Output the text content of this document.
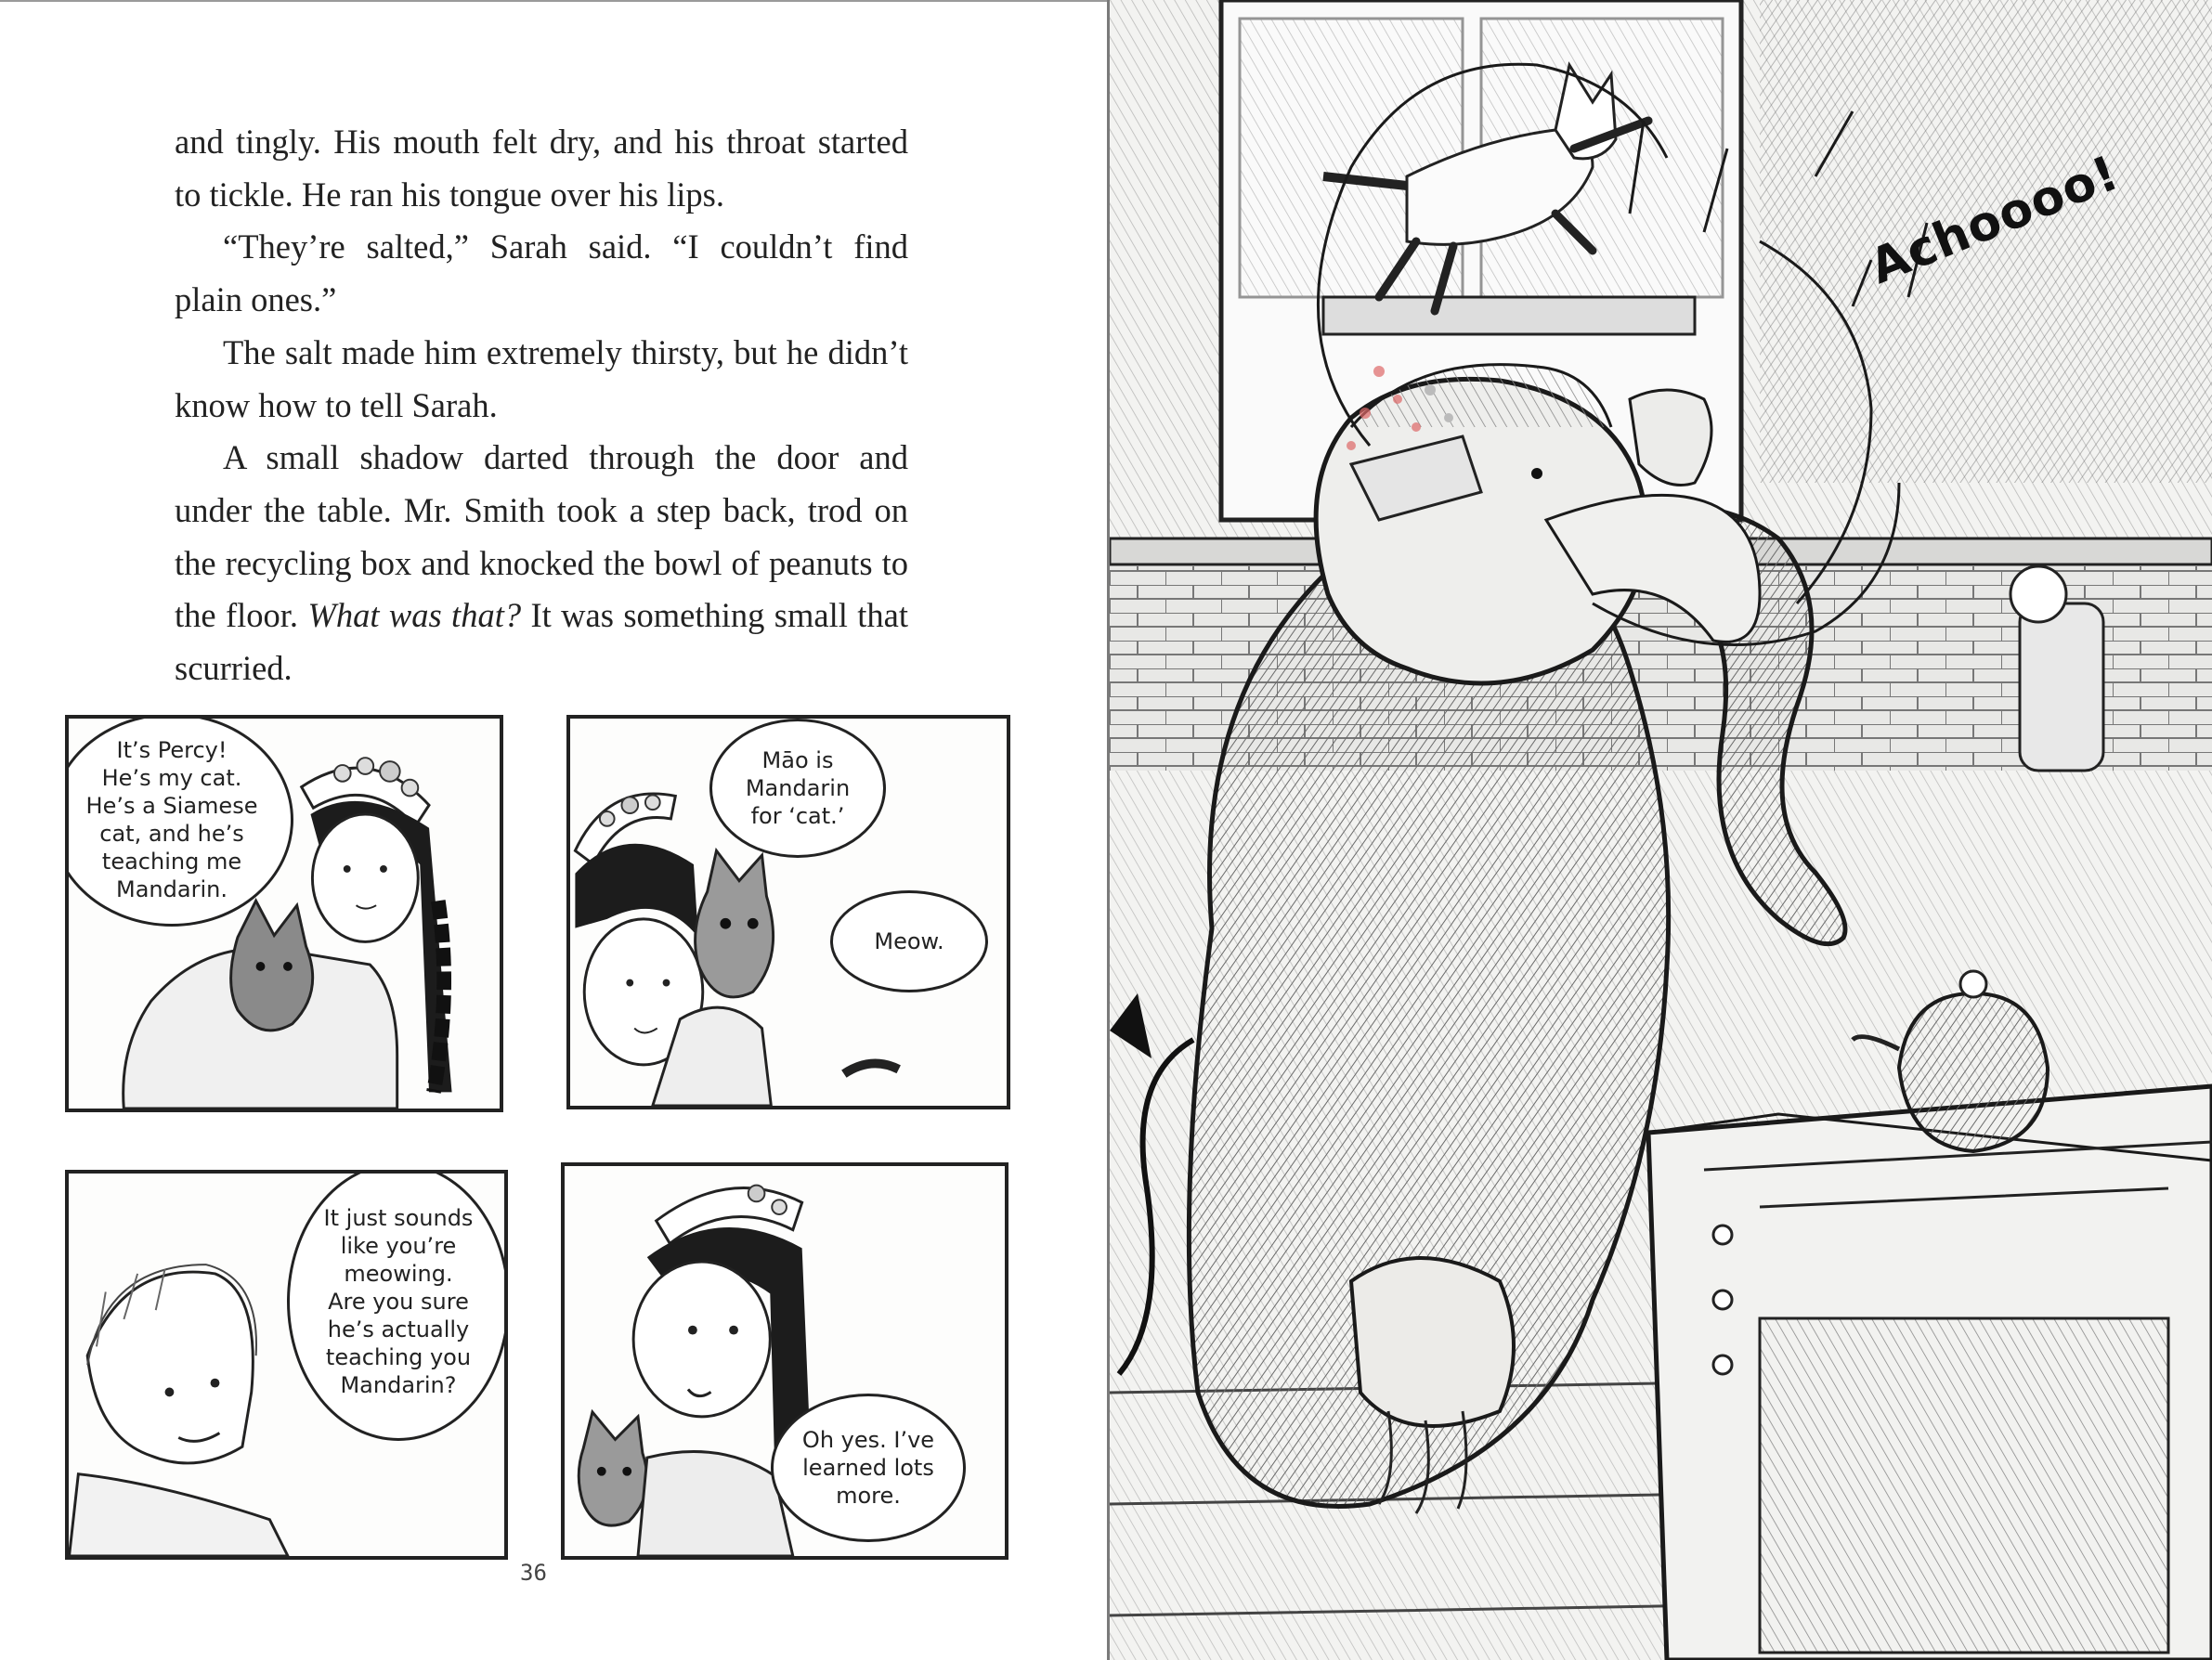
and tingly. His mouth felt dry, and his throat started to tickle. He ran his tongue over his lips.

“They’re salted,” Sarah said. “I couldn’t find plain ones.”

The salt made him extremely thirsty, but he didn’t know how to tell Sarah.

A small shadow darted through the door and under the table. Mr. Smith took a step back, trod on the recycling box and knocked the bowl of peanuts to the floor. What was that? It was something small that scurried.

It’s Percy!
He’s my cat.
He’s a Siamese
cat, and he’s
teaching me
Mandarin.
Māo is
Mandarin
for ‘cat.’
Meow.
It just sounds
like you’re
meowing.
Are you sure
he’s actually
teaching you
Mandarin?
Oh yes. I’ve
learned lots
more.
36
Achoooo!
